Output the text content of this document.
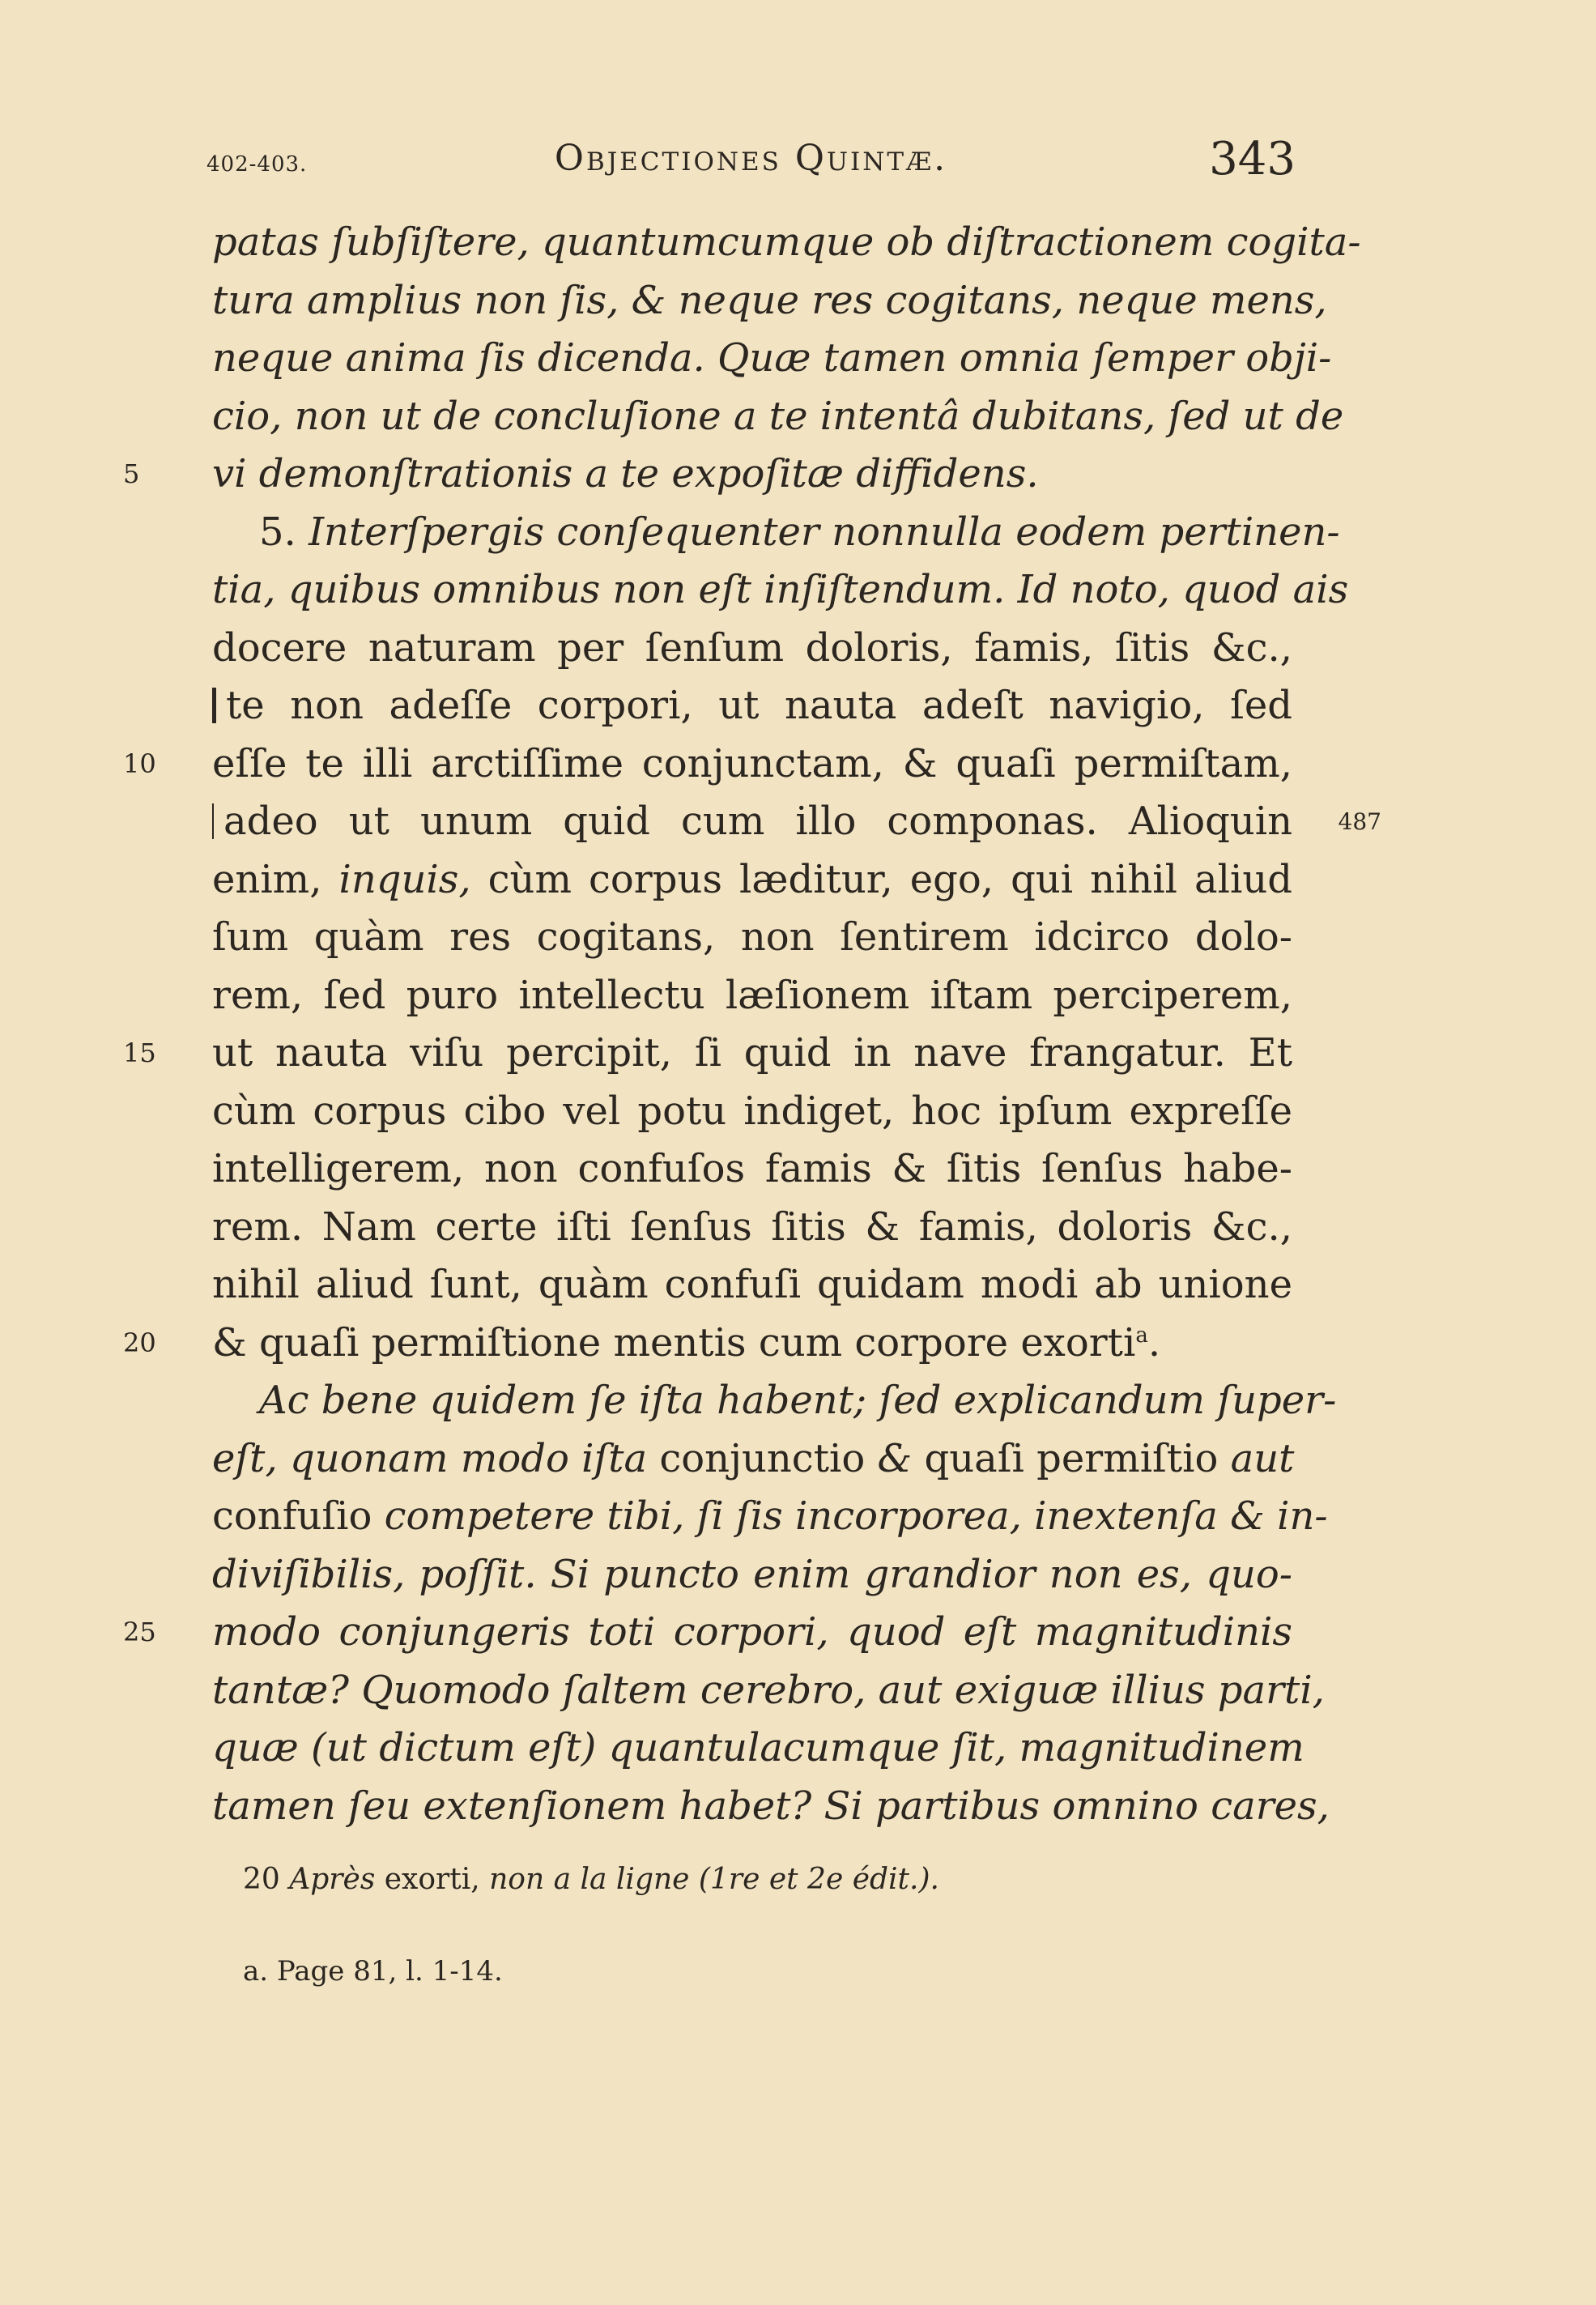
402-403.	Objectiones Quintæ.	343
patas ſubſiſtere, quantumcumque ob diſtractionem cogita-
tura amplius non ſis, & neque res cogitans, neque mens,
neque anima ſis dicenda. Quæ tamen omnia ſemper obji-
cio, non ut de concluſione a te intentâ dubitans, ſed ut de
5 vi demonſtrationis a te expoſitæ diffidens.
5. Interſpergis conſequenter nonnulla eodem pertinen-
tia, quibus omnibus non eſt inſiſtendum. Id noto, quod ais
docere naturam per ſenſum doloris, famis, ſitis &c.,
te non adeſſe corpori, ut nauta adeſt navigio, ſed
10 eſſe te illi arctiſſime conjunctam, & quaſi permiſtam,
487
adeo ut unum quid cum illo componas. Alioquin
enim, inquis, cùm corpus læditur, ego, qui nihil aliud
ſum quàm res cogitans, non ſentirem idcirco dolo-
rem, ſed puro intellectu læſionem iſtam perciperem,
15 ut nauta viſu percipit, ſi quid in nave frangatur. Et
cùm corpus cibo vel potu indiget, hoc ipſum expreſſe
intelligerem, non confuſos famis & ſitis ſenſus habe-
rem. Nam certe iſti ſenſus ſitis & famis, doloris &c.,
nihil aliud ſunt, quàm confuſi quidam modi ab unione
20 & quaſi permiſtione mentis cum corpore exorti$^a$.
Ac bene quidem ſe iſta habent; ſed explicandum ſuper-
eſt, quonam modo iſta conjunctio & quaſi permiſtio aut
confuſio competere tibi, ſi ſis incorporea, inextenſa & in-
diviſibilis, poſſit. Si puncto enim grandior non es, quo-
25 modo conjungeris toti corpori, quod eſt magnitudinis
tantæ? Quomodo ſaltem cerebro, aut exiguæ illius parti,
quæ (ut dictum eſt) quantulacumque ſit, magnitudinem
tamen ſeu extenſionem habet? Si partibus omnino cares,
20 Après exorti, non a la ligne (1re et 2e édit.).
a. Page 81, l. 1-14.
